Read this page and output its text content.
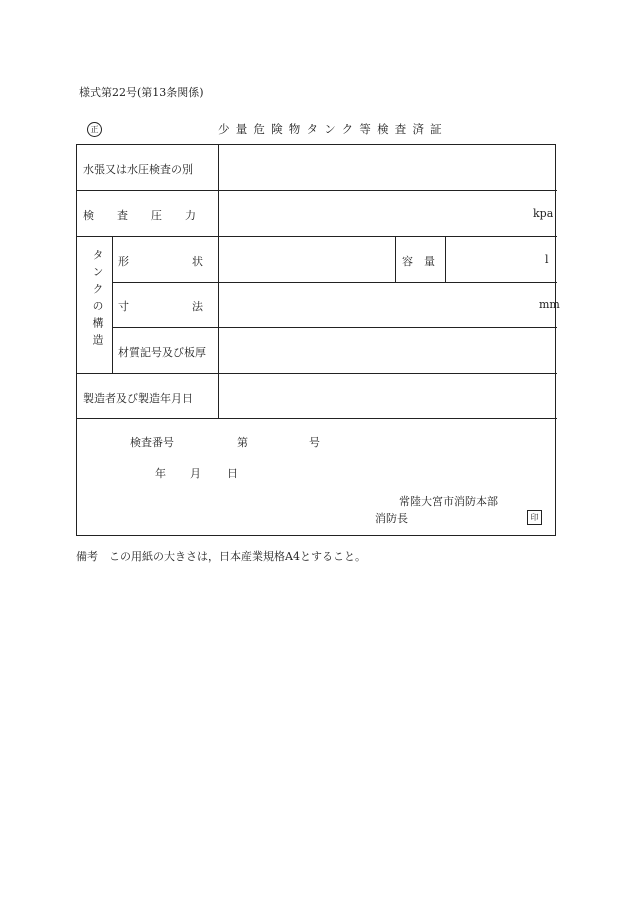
様式第22号(第13条関係)
正	少量危険物タンク等検査済証
水張又は水圧検査の別
検査圧力	kpa
タンクの構造 形状	容量	l
寸法	mm
材質記号及び板厚
製造者及び製造年月日
検査番号	第	号
年 月 日
常陸大宮市消防本部
消防長	印
備考　この用紙の大きさは，日本産業規格A4とすること。
